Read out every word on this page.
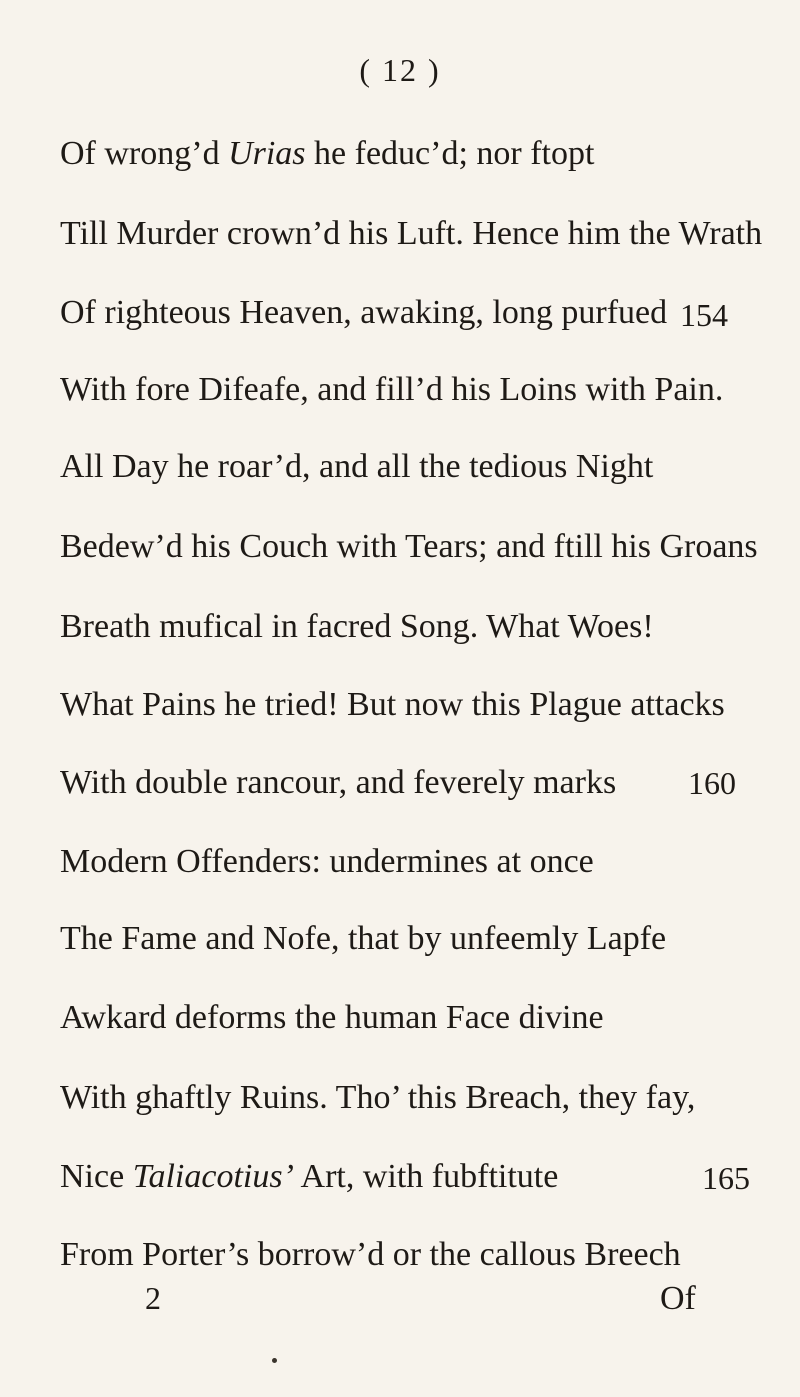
( 12 )
Of wrong’d Urias he feduc’d; nor ftopt
Till Murder crown’d his Luft. Hence him the Wrath
Of righteous Heaven, awaking, long purfued 154
With fore Difeafe, and fill’d his Loins with Pain.
All Day he roar’d, and all the tedious Night
Bedew’d his Couch with Tears; and ftill his Groans
Breath mufical in facred Song. What Woes!
What Pains he tried! But now this Plague attacks
With double rancour, and feverely marks 160
Modern Offenders: undermines at once
The Fame and Nofe, that by unfeemly Lapfe
Awkard deforms the human Face divine
With ghaftly Ruins. Tho’ this Breach, they fay,
Nice Taliacotius’ Art, with fubftitute	165
From Porter’s borrow’d or the callous Breech
2	Of
